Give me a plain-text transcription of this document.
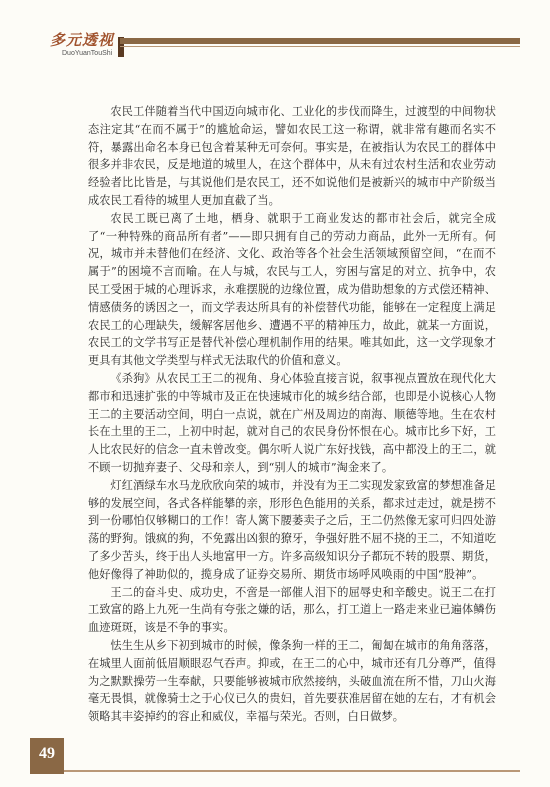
多元透视
DuoYuanTouShi

农民工伴随着当代中国迈向城市化、工业化的步伐而降生，过渡型的中间物状态注定其“在而不属于”的尴尬命运，譬如农民工这一称谓，就非常有趣而名实不符，暴露出命名本身已包含着某种无可奈何。事实是，在被指认为农民工的群体中很多并非农民，反是地道的城里人，在这个群体中，从未有过农村生活和农业劳动经验者比比皆是，与其说他们是农民工，还不如说他们是被新兴的城市中产阶级当成农民工看待的城里人更加直截了当。

农民工既已离了土地，栖身、就职于工商业发达的都市社会后，就完全成了“一种特殊的商品所有者”——即只拥有自己的劳动力商品，此外一无所有。何况，城市并未替他们在经济、文化、政治等各个社会生活领域预留空间，“在而不属于”的困境不言而喻。在人与城，农民与工人，穷困与富足的对立、抗争中，农民工受困于城的心理诉求，永难摆脱的边缘位置，成为借助想象的方式偿还精神、情感债务的诱因之一，而文学表达所具有的补偿替代功能，能够在一定程度上满足农民工的心理缺失，缓解客居他乡、遭遇不平的精神压力，故此，就某一方面说，农民工的文学书写正是替代补偿心理机制作用的结果。唯其如此，这一文学现象才更具有其他文学类型与样式无法取代的价值和意义。

《杀狗》从农民工王二的视角、身心体验直接言说，叙事视点置放在现代化大都市和迅速扩张的中等城市及正在快速城市化的城乡结合部，也即是小说核心人物王二的主要活动空间，明白一点说，就在广州及周边的南海、顺德等地。生在农村长在土里的王二，上初中时起，就对自己的农民身份怀恨在心。城市比乡下好，工人比农民好的信念一直未曾改变。偶尔听人说广东好找钱，高中都没上的王二，就不顾一切抛弃妻子、父母和亲人，到“别人的城市”淘金来了。

灯红酒绿车水马龙欣欣向荣的城市，并没有为王二实现发家致富的梦想准备足够的发展空间，各式各样能攀的亲，形形色色能用的关系，都求过走过，就是捞不到一份哪怕仅够糊口的工作！寄人篱下腰萎卖子之后，王二仍然像无家可归四处游荡的野狗。饿疯的狗，不免露出凶狠的獠牙，争强好胜不屈不挠的王二，不知道吃了多少苦头，终于出人头地富甲一方。许多高级知识分子都玩不转的股票、期货，他好像得了神助似的，揽身成了证券交易所、期货市场呼风唤雨的中国“股神”。

王二的奋斗史、成功史，不啻是一部催人泪下的屈辱史和辛酸史。说王二在打工致富的路上九死一生尚有夸张之嫌的话，那么，打工道上一路走来业已遍体鳞伤血迹斑斑，该是不争的事实。

怯生生从乡下初到城市的时候，像条狗一样的王二，匍匐在城市的角角落落，在城里人面前低眉顺眼忍气吞声。抑或，在王二的心中，城市还有几分尊严，值得为之默默操劳一生奉献，只要能够被城市欣然接纳，头破血流在所不惜，刀山火海毫无畏惧，就像骑士之于心仪已久的贵妇，首先要获准居留在她的左右，才有机会领略其丰姿掉约的容止和威仪，幸福与荣光。否则，白日做梦。

49
